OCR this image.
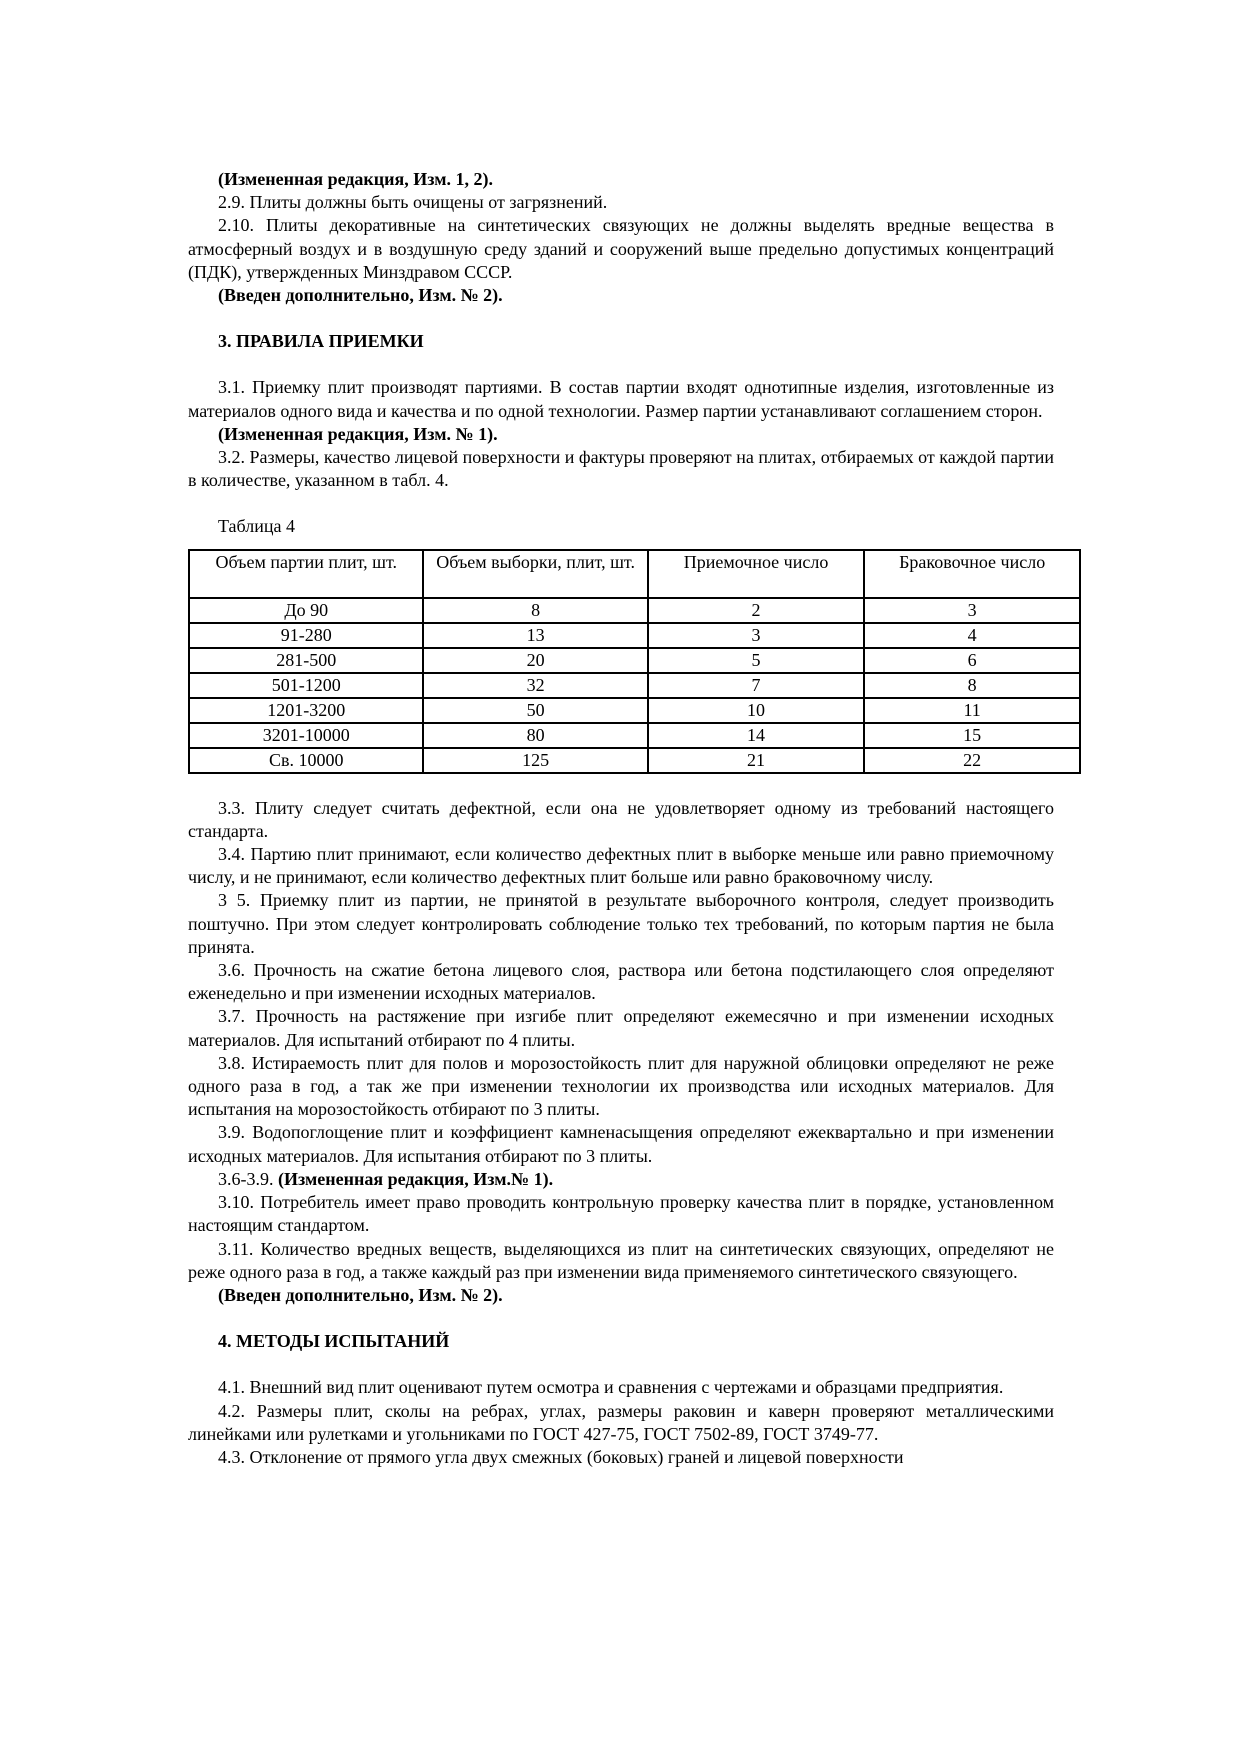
(Измененная редакция, Изм. 1, 2).

2.9. Плиты должны быть очищены от загрязнений.

2.10. Плиты декоративные на синтетических связующих не должны выделять вредные вещества в атмосферный воздух и в воздушную среду зданий и сооружений выше предельно допустимых концентраций (ПДК), утвержденных Минздравом СССР.

(Введен дополнительно, Изм. № 2).

3. ПРАВИЛА ПРИЕМКИ

3.1. Приемку плит производят партиями. В состав партии входят однотипные изделия, изготовленные из материалов одного вида и качества и по одной технологии. Размер партии устанавливают соглашением сторон.

(Измененная редакция, Изм. № 1).

3.2. Размеры, качество лицевой поверхности и фактуры проверяют на плитах, отбираемых от каждой партии в количестве, указанном в табл. 4.

Таблица 4

Объем партии плит, шт.	Объем выборки, плит, шт.	Приемочное число	Браковочное число
До 90	8	2	3
91-280	13	3	4
281-500	20	5	6
501-1200	32	7	8
1201-3200	50	10	11
3201-10000	80	14	15
Св. 10000	125	21	22

3.3. Плиту следует считать дефектной, если она не удовлетворяет одному из требований настоящего стандарта.

3.4. Партию плит принимают, если количество дефектных плит в выборке меньше или равно приемочному числу, и не принимают, если количество дефектных плит больше или равно браковочному числу.

3 5. Приемку плит из партии, не принятой в результате выборочного контроля, следует производить поштучно. При этом следует контролировать соблюдение только тех требований, по которым партия не была принята.

3.6. Прочность на сжатие бетона лицевого слоя, раствора или бетона подстилающего слоя определяют еженедельно и при изменении исходных материалов.

3.7. Прочность на растяжение при изгибе плит определяют ежемесячно и при изменении исходных материалов. Для испытаний отбирают по 4 плиты.

3.8. Истираемость плит для полов и морозостойкость плит для наружной облицовки определяют не реже одного раза в год, а так же при изменении технологии их производства или исходных материалов. Для испытания на морозостойкость отбирают по 3 плиты.

3.9. Водопоглощение плит и коэффициент камненасыщения определяют ежеквартально и при изменении исходных материалов. Для испытания отбирают по 3 плиты.

3.6-3.9. (Измененная редакция, Изм.№ 1).

3.10. Потребитель имеет право проводить контрольную проверку качества плит в порядке, установленном настоящим стандартом.

3.11. Количество вредных веществ, выделяющихся из плит на синтетических связующих, определяют не реже одного раза в год, а также каждый раз при изменении вида применяемого синтетического связующего.

(Введен дополнительно, Изм. № 2).

4. МЕТОДЫ ИСПЫТАНИЙ

4.1. Внешний вид плит оценивают путем осмотра и сравнения с чертежами и образцами предприятия.

4.2. Размеры плит, сколы на ребрах, углах, размеры раковин и каверн проверяют металлическими линейками или рулетками и угольниками по ГОСТ 427-75, ГОСТ 7502-89, ГОСТ 3749-77.

4.3. Отклонение от прямого угла двух смежных (боковых) граней и лицевой поверхности
